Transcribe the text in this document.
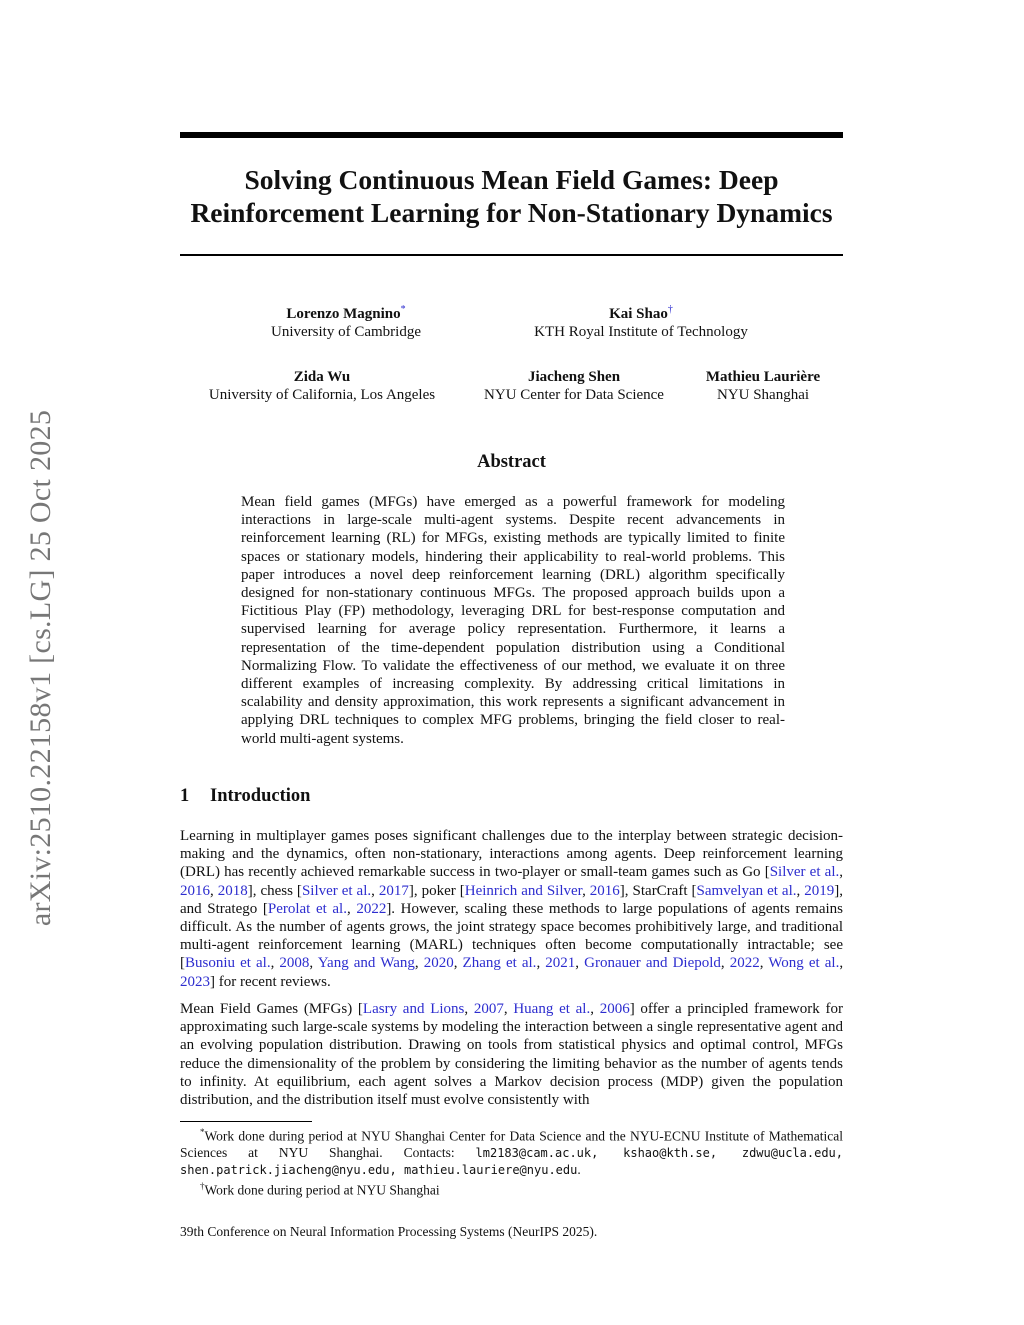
arXiv:2510.22158v1 [cs.LG] 25 Oct 2025
Solving Continuous Mean Field Games: Deep Reinforcement Learning for Non-Stationary Dynamics
Lorenzo Magnino*
University of Cambridge
Kai Shao†
KTH Royal Institute of Technology
Zida Wu
University of California, Los Angeles
Jiacheng Shen
NYU Center for Data Science
Mathieu Laurière
NYU Shanghai
Abstract

Mean field games (MFGs) have emerged as a powerful framework for modeling interactions in large-scale multi-agent systems. Despite recent advancements in reinforcement learning (RL) for MFGs, existing methods are typically limited to finite spaces or stationary models, hindering their applicability to real-world problems. This paper introduces a novel deep reinforcement learning (DRL) algorithm specifically designed for non-stationary continuous MFGs. The proposed approach builds upon a Fictitious Play (FP) methodology, leveraging DRL for best-response computation and supervised learning for average policy representation. Furthermore, it learns a representation of the time-dependent population distribution using a Conditional Normalizing Flow. To validate the effectiveness of our method, we evaluate it on three different examples of increasing complexity. By addressing critical limitations in scalability and density approximation, this work represents a significant advancement in applying DRL techniques to complex MFG problems, bringing the field closer to real-world multi-agent systems.

1 Introduction

Learning in multiplayer games poses significant challenges due to the interplay between strategic decision-making and the dynamics, often non-stationary, interactions among agents. Deep reinforcement learning (DRL) has recently achieved remarkable success in two-player or small-team games such as Go [Silver et al., 2016, 2018], chess [Silver et al., 2017], poker [Heinrich and Silver, 2016], StarCraft [Samvelyan et al., 2019], and Stratego [Perolat et al., 2022]. However, scaling these methods to large populations of agents remains difficult. As the number of agents grows, the joint strategy space becomes prohibitively large, and traditional multi-agent reinforcement learning (MARL) techniques often become computationally intractable; see [Busoniu et al., 2008, Yang and Wang, 2020, Zhang et al., 2021, Gronauer and Diepold, 2022, Wong et al., 2023] for recent reviews.

Mean Field Games (MFGs) [Lasry and Lions, 2007, Huang et al., 2006] offer a principled framework for approximating such large-scale systems by modeling the interaction between a single representative agent and an evolving population distribution. Drawing on tools from statistical physics and optimal control, MFGs reduce the dimensionality of the problem by considering the limiting behavior as the number of agents tends to infinity. At equilibrium, each agent solves a Markov decision process (MDP) given the population distribution, and the distribution itself must evolve consistently with

*Work done during period at NYU Shanghai Center for Data Science and the NYU-ECNU Institute of Mathematical Sciences at NYU Shanghai. Contacts: lm2183@cam.ac.uk, kshao@kth.se, zdwu@ucla.edu, shen.patrick.jiacheng@nyu.edu, mathieu.lauriere@nyu.edu.

†Work done during period at NYU Shanghai

39th Conference on Neural Information Processing Systems (NeurIPS 2025).
